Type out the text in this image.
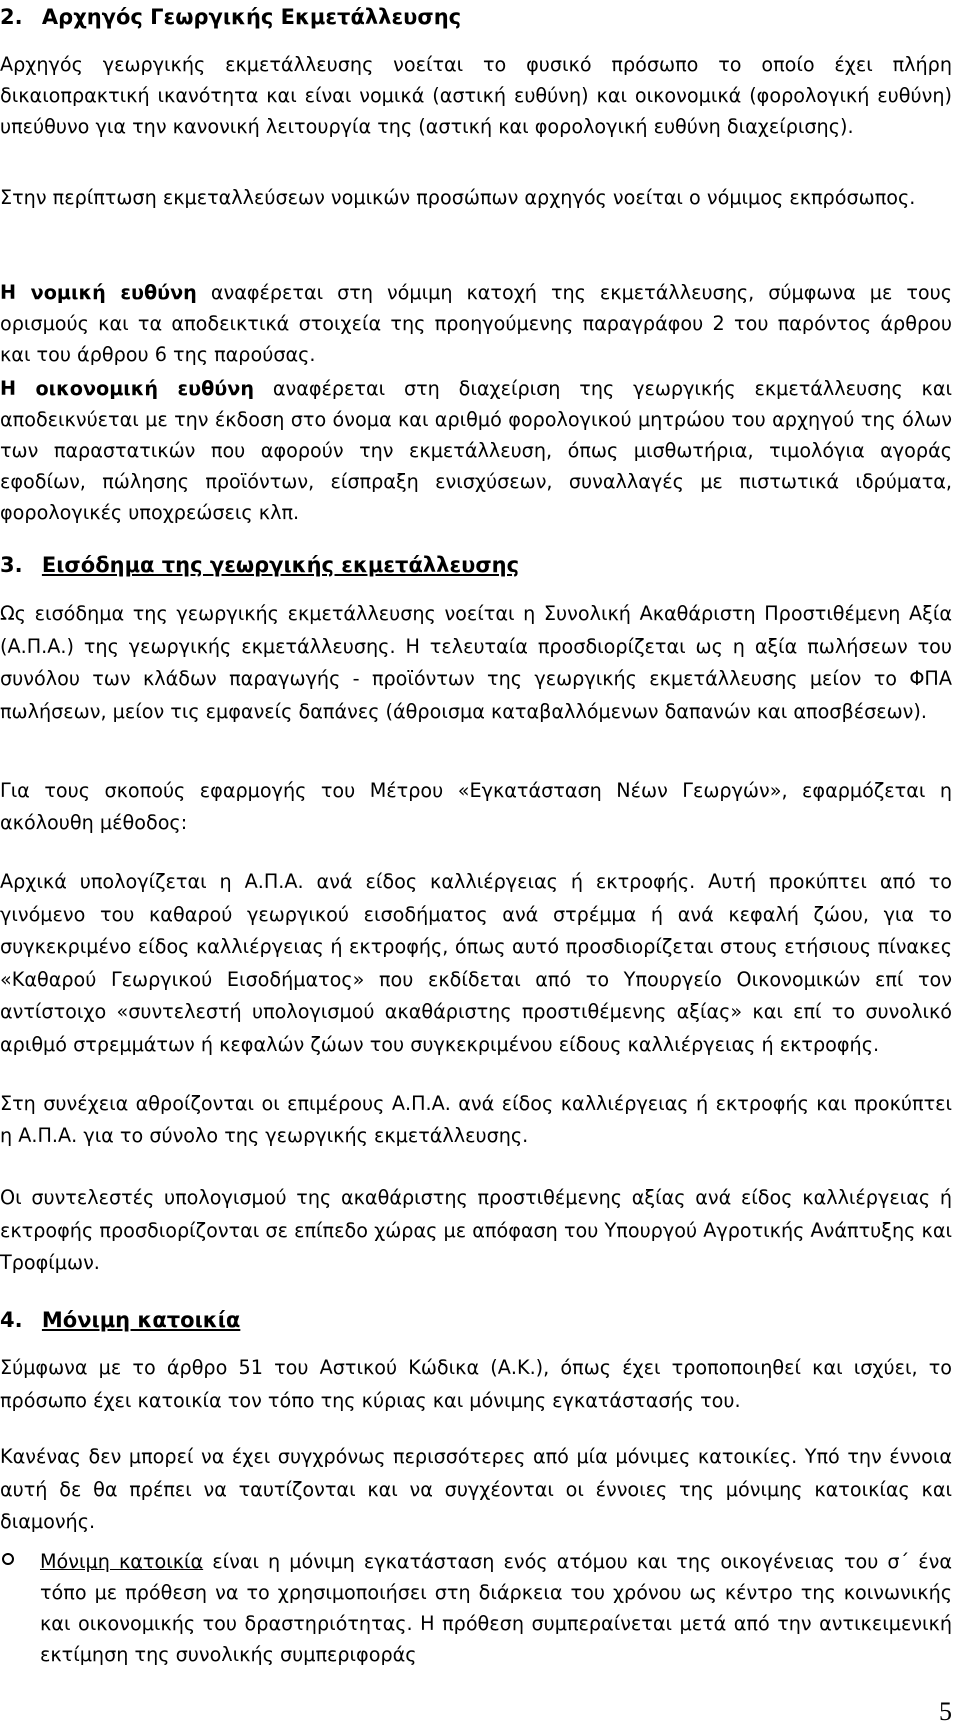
2. Αρχηγός Γεωργικής Εκμετάλλευσης

Αρχηγός γεωργικής εκμετάλλευσης νοείται το φυσικό πρόσωπο το οποίο έχει πλήρη δικαιοπρακτική ικανότητα και είναι νομικά (αστική ευθύνη) και οικονομικά (φορολογική ευθύνη) υπεύθυνο για την κανονική λειτουργία της (αστική και φορολογική ευθύνη διαχείρισης).

Στην περίπτωση εκμεταλλεύσεων νομικών προσώπων αρχηγός νοείται ο νόμιμος εκπρόσωπος.

Η νομική ευθύνη αναφέρεται στη νόμιμη κατοχή της εκμετάλλευσης, σύμφωνα με τους ορισμούς και τα αποδεικτικά στοιχεία της προηγούμενης παραγράφου 2 του παρόντος άρθρου και του άρθρου 6 της παρούσας.

Η οικονομική ευθύνη αναφέρεται στη διαχείριση της γεωργικής εκμετάλλευσης και αποδεικνύεται με την έκδοση στο όνομα και αριθμό φορολογικού μητρώου του αρχηγού της όλων των παραστατικών που αφορούν την εκμετάλλευση, όπως μισθωτήρια, τιμολόγια αγοράς εφοδίων, πώλησης προϊόντων, είσπραξη ενισχύσεων, συναλλαγές με πιστωτικά ιδρύματα, φορολογικές υποχρεώσεις κλπ.

3. Εισόδημα της γεωργικής εκμετάλλευσης

Ως εισόδημα της γεωργικής εκμετάλλευσης νοείται η Συνολική Ακαθάριστη Προστιθέμενη Αξία (Α.Π.Α.) της γεωργικής εκμετάλλευσης. Η τελευταία προσδιορίζεται ως η αξία πωλήσεων του συνόλου των κλάδων παραγωγής - προϊόντων της γεωργικής εκμετάλλευσης μείον το ΦΠΑ πωλήσεων, μείον τις εμφανείς δαπάνες (άθροισμα καταβαλλόμενων δαπανών και αποσβέσεων).

Για τους σκοπούς εφαρμογής του Μέτρου «Εγκατάσταση Νέων Γεωργών», εφαρμόζεται η ακόλουθη μέθοδος:

Αρχικά υπολογίζεται η Α.Π.Α. ανά είδος καλλιέργειας ή εκτροφής. Αυτή προκύπτει από το γινόμενο του καθαρού γεωργικού εισοδήματος ανά στρέμμα ή ανά κεφαλή ζώου, για το συγκεκριμένο είδος καλλιέργειας ή εκτροφής, όπως αυτό προσδιορίζεται στους ετήσιους πίνακες «Καθαρού Γεωργικού Εισοδήματος» που εκδίδεται από το Υπουργείο Οικονομικών επί τον αντίστοιχο «συντελεστή υπολογισμού ακαθάριστης προστιθέμενης αξίας» και επί το συνολικό αριθμό στρεμμάτων ή κεφαλών ζώων του συγκεκριμένου είδους καλλιέργειας ή εκτροφής.

Στη συνέχεια αθροίζονται οι επιμέρους Α.Π.Α. ανά είδος καλλιέργειας ή εκτροφής και προκύπτει η Α.Π.Α. για το σύνολο της γεωργικής εκμετάλλευσης.

Οι συντελεστές υπολογισμού της ακαθάριστης προστιθέμενης αξίας ανά είδος καλλιέργειας ή εκτροφής προσδιορίζονται σε επίπεδο χώρας με απόφαση του Υπουργού Αγροτικής Ανάπτυξης και Τροφίμων.

4. Μόνιμη κατοικία

Σύμφωνα με το άρθρο 51 του Αστικού Κώδικα (Α.Κ.), όπως έχει τροποποιηθεί και ισχύει, το πρόσωπο έχει κατοικία τον τόπο της κύριας και μόνιμης εγκατάστασής του.

Κανένας δεν μπορεί να έχει συγχρόνως περισσότερες από μία μόνιμες κατοικίες. Υπό την έννοια αυτή δε θα πρέπει να ταυτίζονται και να συγχέονται οι έννοιες της μόνιμης κατοικίας και διαμονής.

Μόνιμη κατοικία είναι η μόνιμη εγκατάσταση ενός ατόμου και της οικογένειας του σ΄ ένα τόπο με πρόθεση να το χρησιμοποιήσει στη διάρκεια του χρόνου ως κέντρο της κοινωνικής και οικονομικής του δραστηριότητας. Η πρόθεση συμπεραίνεται μετά από την αντικειμενική εκτίμηση της συνολικής συμπεριφοράς

5
